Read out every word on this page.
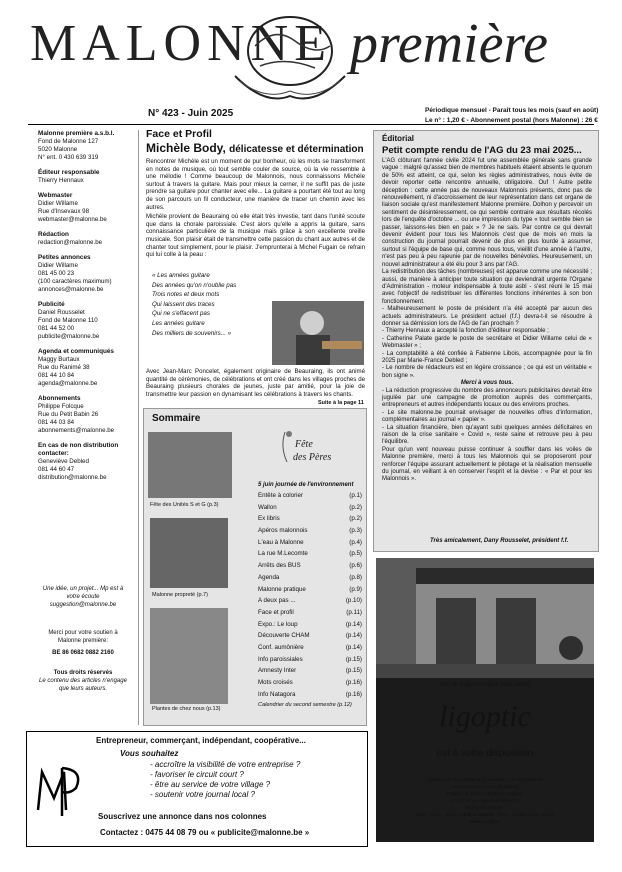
MALONNE première
N° 423 - Juin 2025	Périodique mensuel - Paraît tous les mois (sauf en août)
Le n° : 1,20 € - Abonnement postal (hors Malonne) : 26 €
Malonne première a.s.b.l.
Fond de Malonne 127
5020 Malonne
N° ent. 0 430 639 319
Éditeur responsable
Thierry Hennaux
Webmaster
Didier Willame
Rue d'Insevaux 98
webmaster@malonne.be
Rédaction
redaction@malonne.be
Petites annonces
Didier Willame
081 45 00 23
(100 caractères maximum)
annonces@malonne.be
Publicité
Daniel Rousselet
Fond de Malonne 110
081 44 52 00
publicite@malonne.be
Agenda et communiqués
Maggy Burtaux
Rue du Ranimé 38
081 44 10 84
agenda@malonne.be
Abonnements
Philippe Folcque
Rue du Petit Babin 26
081 44 03 84
abonnements@malonne.be
En cas de non distribution contacter:
Geneviève Debled
081 44 60 47
distribution@malonne.be
Une idée, un projet... Mp est à votre écoute
suggestion@malonne.be
Merci pour votre soutien à Malonne première:
BE 86 0682 0882 2160
Tous droits réservés
Le contenu des articles n'engage que leurs auteurs.
Face et Profil
Michèle Body, délicatesse et détermination

Rencontrer Michèle est un moment de pur bonheur, où les mots se transforment en notes de musique, où tout semble couler de source, où la vie ressemble à une mélodie ! Comme beaucoup de Malonnois, nous connaissons Michèle surtout à travers la guitare. Mais pour mieux la cerner, il ne suffit pas de juste prendre sa guitare pour chanter avec elle... La guitare a pourtant été tout au long de son parcours un fil conducteur, une manière de tracer un chemin avec les autres.

Michèle provient de Beauraing où elle était très investie, tant dans l'unité scoute que dans la chorale paroissiale. C'est alors qu'elle a appris la guitare, sans connaissance particulière de la musique mais grâce à son excellente oreille musicale. Son plaisir était de transmettre cette passion du chant aux autres et de chanter tout simplement, pour le plaisir. J'emprunterai à Michel Fugain ce refrain qui lui colle à la peau :

« Les années guitare
Des années qu'on n'oublie pas
Trois notes et deux mots
Qui laissent des traces
Qui ne s'effacent pas
Les années guitare
Des milliers de souvenirs... »
Avec Jean-Marc Poncelet, également originaire de Beauraing, ils ont animé quantité de cérémonies, de célébrations et ont créé dans les villages proches de Beauraing plusieurs chorales de jeunes, juste par amitié, pour la joie de transmettre leur passion en dynamisant les célébrations à travers les chants.
Suite à la page 11
Sommaire
Fête
des Pères
Fête des Unités S et G (p.3)
Malonne propreté (p.7)
Plantes de chez nous (p.13)
5 juin journée de l'environnement
Entête à colorier	(p.1)
Wallon	(p.2)
Ex libris	(p.2)
Apéros malonnois	(p.3)
L'eau à Malonne	(p.4)
La rue M.Lecomte	(p.5)
Arrêts des BUS	(p.6)
Agenda	(p.8)
Malonne pratique	(p.9)
A deux pas ...	(p.10)
Face et profil	(p.11)
Expo.: Le loup	(p.14)
Découverte CHAM	(p.14)
Conf. aumônière	(p.14)
Info paroissiales	(p.15)
Amnesty Inter	(p.15)
Mots croisés	(p.16)
Info Natagora	(p.16)
Calendrier du second semestre (p.12)
Éditorial
Petit compte rendu de l'AG du 23 mai 2025...

L'AG clôturant l'année civile 2024 fut une assemblée générale sans grande vague : malgré qu'assez bien de membres habituels étaient absents le quorum de 50% est atteint, ce qui, selon les règles administratives, nous évite de devoir reporter cette rencontre annuelle, obligatoire. Ouf ! Autre petite déception : cette année pas de nouveaux Malonnois présents, donc pas de renouvellement, ni d'accroissement de leur représentation dans cet organe de liaison sociale qu'est manifestement Malonne première. Dolhon y percevoir un sentiment de désintéressement, ce qui semble contraire aux résultats récolés lors de l'enquête d'octobre ... ou une impression du type « tout semble bien se passer, laissons-les bien en paix » ? Je ne sais. Par contre ce qui devrait devenir évident pour tous les Malonnois c'est que de mois en mois la construction du journal pourrait devenir de plus en plus lourde à assumer, surtout si l'équipe de base qui, comme nous tous, vieillit d'une année à l'autre, n'est pas peu à peu rajeunie par de nouvelles bénévoles. Heureusement, un nouvel administrateur a été élu pour 3 ans par l'AG.

La redistribution des tâches (nombreuses) est apparue comme une nécessité ; aussi, de manière à anticiper toute situation qui deviendrait urgente l'Organe d'Administration - moteur indispensable à toute asbl - s'est réuni le 15 mai avec l'objectif de redistribuer les différentes fonctions inhérentes à son bon fonctionnement.

- Malheureusement le poste de président n'a été accepté par aucun des actuels administrateurs. Le président actuel (f.f.) devra-t-il se résoudre à donner sa démission lors de l'AG de l'an prochain ?
- Thierry Hennaux a accepté la fonction d'éditeur responsable ;
- Catherine Palate garde le poste de secrétaire et Didier Willame celui de « Webmaster » ;
- La comptabilité a été confiée à Fabienne Libois, accompagnée pour la fin 2025 par Marie-France Debled ;
- Le nombre de rédacteurs est en légère croissance ; ce qui est un véritable « bon signe ».
Merci à vous tous.
- La réduction progressive du nombre des annonceurs publicitaires devrait être jugulée par une campagne de promotion auprès des commerçants, entrepreneurs et autres indépendants locaux ou des environs proches.
- Le site malonne.be pourrait envisager de nouvelles offres d'information, complémentaires au journal « papier ».
- La situation financière, bien qu'ayant subi quelques années déficitaires en raison de la crise sanitaire « Covid », reste saine et retrouve peu à peu l'équilibre.

Pour qu'un vent nouveau puisse continuer à souffler dans les voiles de Malonne première, merci à tous les Malonnois qui se proposeront pour renforcer l'équipe assurant actuellement le pilotage et la réalisation mensuelle du journal, en veillant à en conserver l'esprit et la devise : « Par et pour les Malonnois ».

Très amicalement, Dany Rousselet, président f.f.
Afin de toujours mieux vous servir,
ligoptic
est à votre disposition
Carrefour du Daxo • Rue de la Carrière 1 • 5140 Sombreffe
(anciennement Vanwerde Wavre)
Facilités de parking devant le magasin
071 87 47 40 • ligoptic@skynet.be
Heures d'ouverture :
lundi : 13:30 - 18:00 • mardi au samedi : 09:00 - 12:30 / 13:30 - 18:00
www.ligoptic.be
Entrepreneur, commerçant, indépendant, coopérative...
Vous souhaitez
- accroître la visibilité de votre entreprise ?
- favoriser le circuit court ?
- être au service de votre village ?
- soutenir votre journal local ?
Souscrivez une annonce dans nos colonnes
Contactez : 0475 44 08 79 ou « publicite@malonne.be »
